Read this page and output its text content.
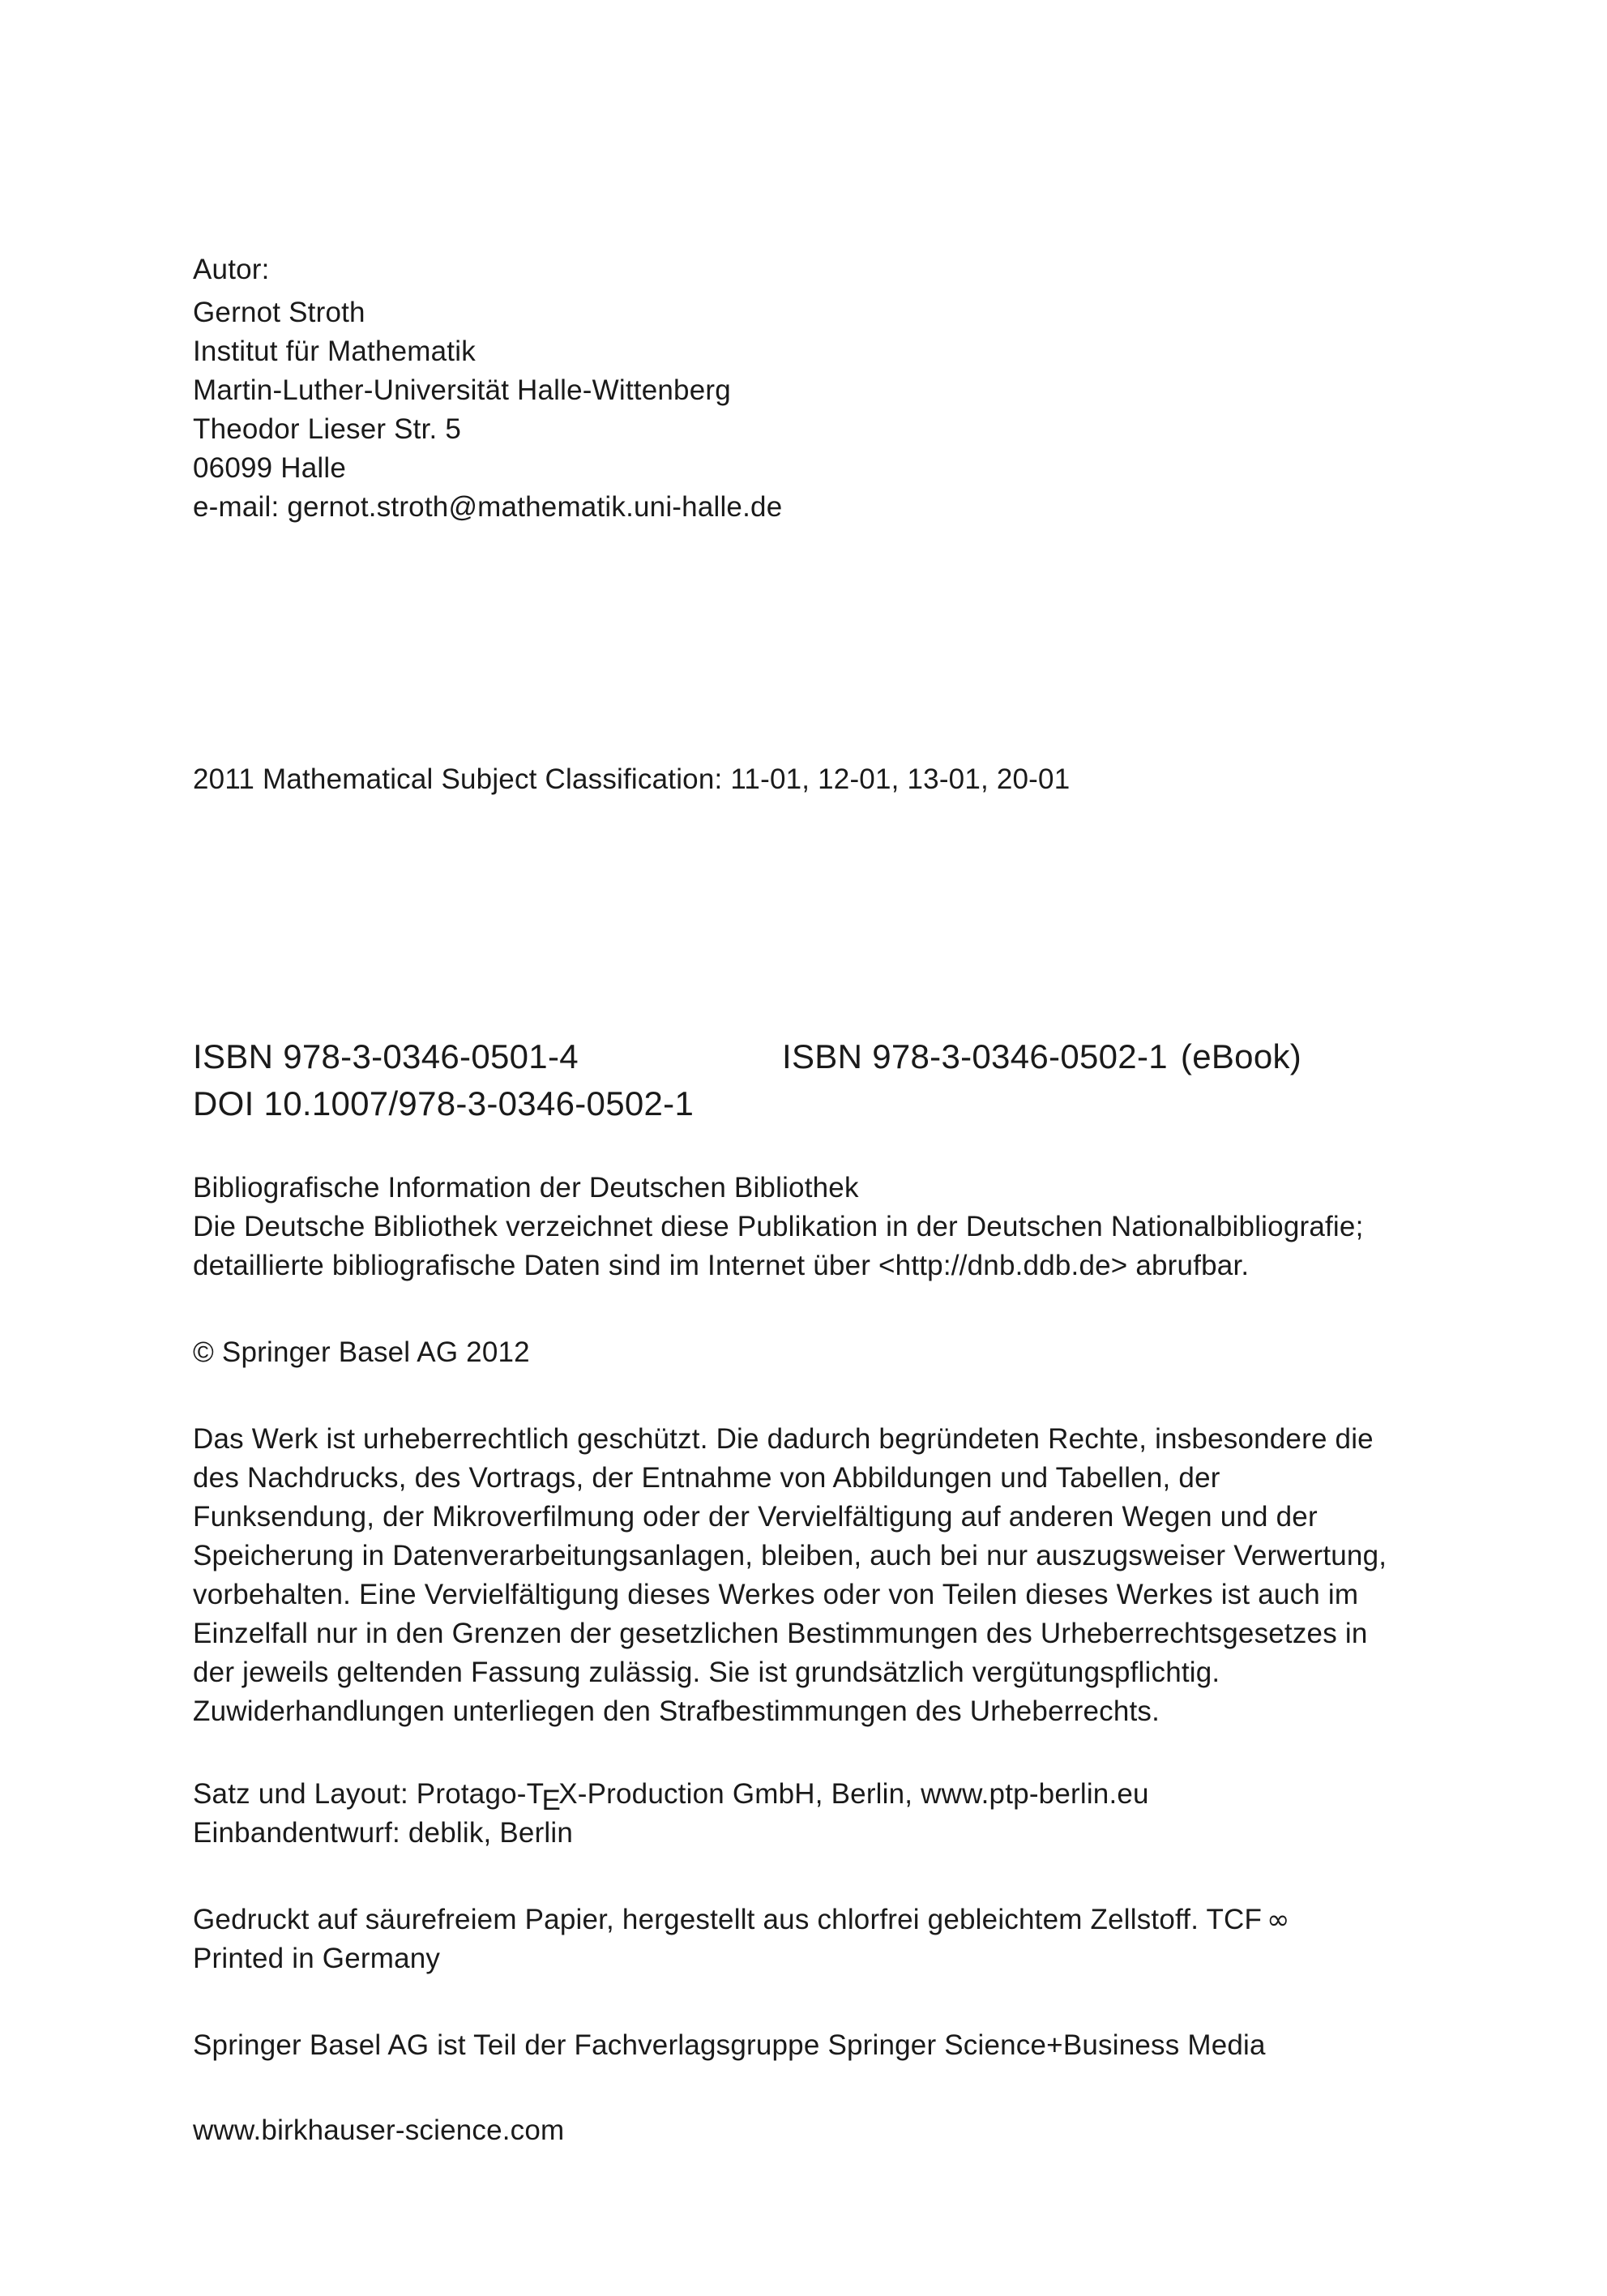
Autor:
Gernot Stroth
Institut für Mathematik
Martin-Luther-Universität Halle-Wittenberg
Theodor Lieser Str. 5
06099 Halle
e-mail: gernot.stroth@mathematik.uni-halle.de
2011 Mathematical Subject Classification: 11-01, 12-01, 13-01, 20-01
ISBN 978-3-0346-0501-4	ISBN 978-3-0346-0502-1 (eBook)
DOI 10.1007/978-3-0346-0502-1
Bibliografische Information der Deutschen Bibliothek
Die Deutsche Bibliothek verzeichnet diese Publikation in der Deutschen Nationalbibliografie;
detaillierte bibliografische Daten sind im Internet über <http://dnb.ddb.de> abrufbar.
© Springer Basel AG 2012
Das Werk ist urheberrechtlich geschützt. Die dadurch begründeten Rechte, insbesondere die
des Nachdrucks, des Vortrags, der Entnahme von Abbildungen und Tabellen, der
Funksendung, der Mikroverfilmung oder der Vervielfältigung auf anderen Wegen und der
Speicherung in Datenverarbeitungsanlagen, bleiben, auch bei nur auszugsweiser Verwertung,
vorbehalten. Eine Vervielfältigung dieses Werkes oder von Teilen dieses Werkes ist auch im
Einzelfall nur in den Grenzen der gesetzlichen Bestimmungen des Urheberrechtsgesetzes in
der jeweils geltenden Fassung zulässig. Sie ist grundsätzlich vergütungspflichtig.
Zuwiderhandlungen unterliegen den Strafbestimmungen des Urheberrechts.
Satz und Layout: Protago-TEX-Production GmbH, Berlin, www.ptp-berlin.eu
Einbandentwurf: deblik, Berlin
Gedruckt auf säurefreiem Papier, hergestellt aus chlorfrei gebleichtem Zellstoff. TCF ∞
Printed in Germany
Springer Basel AG ist Teil der Fachverlagsgruppe Springer Science+Business Media
www.birkhauser-science.com
